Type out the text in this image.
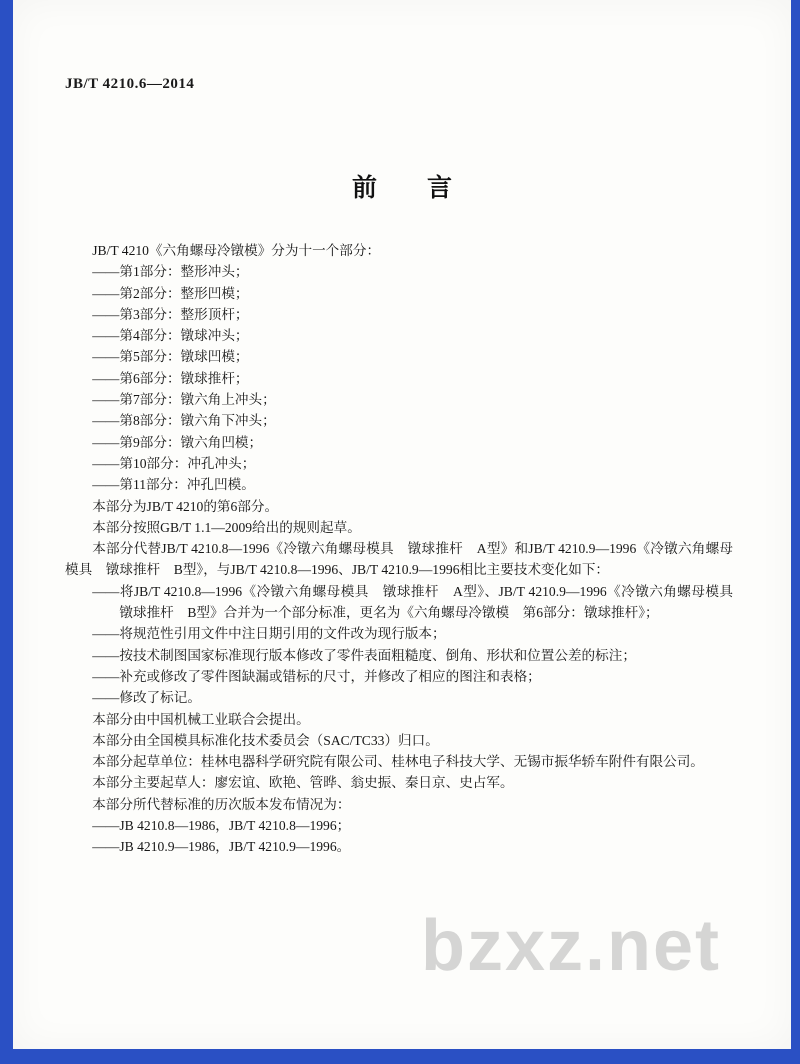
JB/T 4210.6—2014
前　　言

JB/T 4210《六角螺母冷镦模》分为十一个部分：

——第1部分：整形冲头；

——第2部分：整形凹模；

——第3部分：整形顶杆；

——第4部分：镦球冲头；

——第5部分：镦球凹模；

——第6部分：镦球推杆；

——第7部分：镦六角上冲头；

——第8部分：镦六角下冲头；

——第9部分：镦六角凹模；

——第10部分：冲孔冲头；

——第11部分：冲孔凹模。

本部分为JB/T 4210的第6部分。

本部分按照GB/T 1.1—2009给出的规则起草。

本部分代替JB/T 4210.8—1996《冷镦六角螺母模具　镦球推杆　A型》和JB/T 4210.9—1996《冷镦六角螺母模具　镦球推杆　B型》，与JB/T 4210.8—1996、JB/T 4210.9—1996相比主要技术变化如下：

——将JB/T 4210.8—1996《冷镦六角螺母模具　镦球推杆　A型》、JB/T 4210.9—1996《冷镦六角螺母模具　镦球推杆　B型》合并为一个部分标准，更名为《六角螺母冷镦模　第6部分：镦球推杆》；

——将规范性引用文件中注日期引用的文件改为现行版本；

——按技术制图国家标准现行版本修改了零件表面粗糙度、倒角、形状和位置公差的标注；

——补充或修改了零件图缺漏或错标的尺寸，并修改了相应的图注和表格；

——修改了标记。

本部分由中国机械工业联合会提出。

本部分由全国模具标准化技术委员会（SAC/TC33）归口。

本部分起草单位：桂林电器科学研究院有限公司、桂林电子科技大学、无锡市振华轿车附件有限公司。

本部分主要起草人：廖宏谊、欧艳、管晔、翁史振、秦日京、史占军。

本部分所代替标准的历次版本发布情况为：

——JB 4210.8—1986，JB/T 4210.8—1996；

——JB 4210.9—1986，JB/T 4210.9—1996。

bzxz.net
